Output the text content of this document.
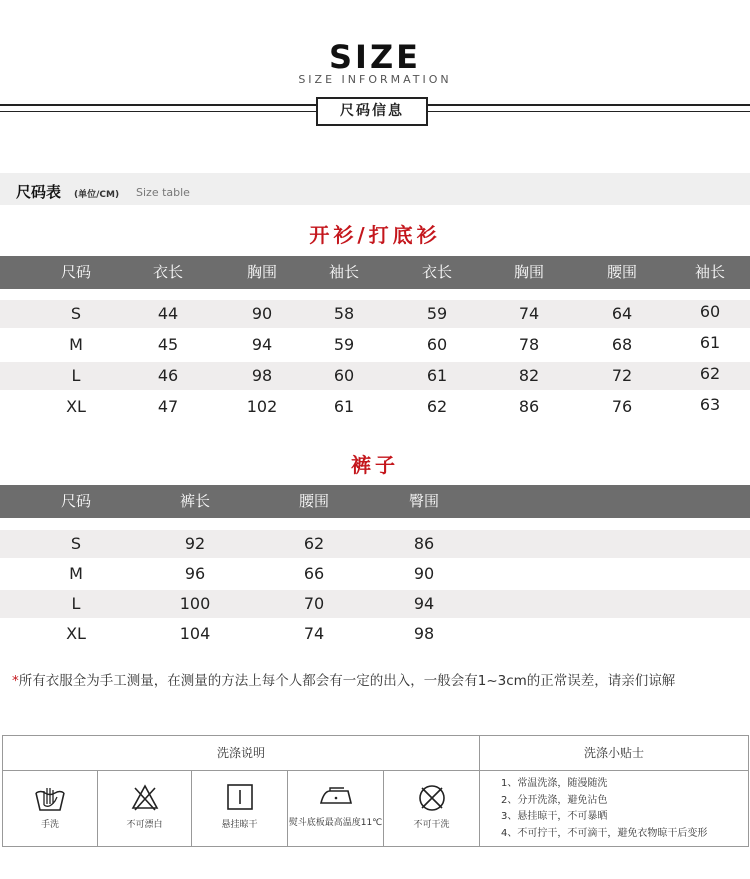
SIZE
SIZE INFORMATION
尺码信息
尺码表 (单位/CM) Size table
开衫/打底衫
尺码	衣长	胸围	袖长	衣长	胸围	腰围	袖长
S	44	90	58	59	74	64	60
M	45	94	59	60	78	68	61
L	46	98	60	61	82	72	62
XL	47	102	61	62	86	76	63
裤子
尺码	裤长	腰围	臀围
S	92	62	86
M	96	66	90
L	100	70	94
XL	104	74	98
*所有衣服全为手工测量，在测量的方法上每个人都会有一定的出入，一般会有1~3cm的正常误差，请亲们谅解
洗涤说明	洗涤小贴士
手洗	不可漂白	悬挂晾干	熨斗底板最高温度11℃	不可干洗
1、常温洗涤，随漫随洗
2、分开洗涤，避免沾色
3、悬挂晾干，不可暴晒
4、不可拧干，不可滴干，避免衣物晾干后变形
